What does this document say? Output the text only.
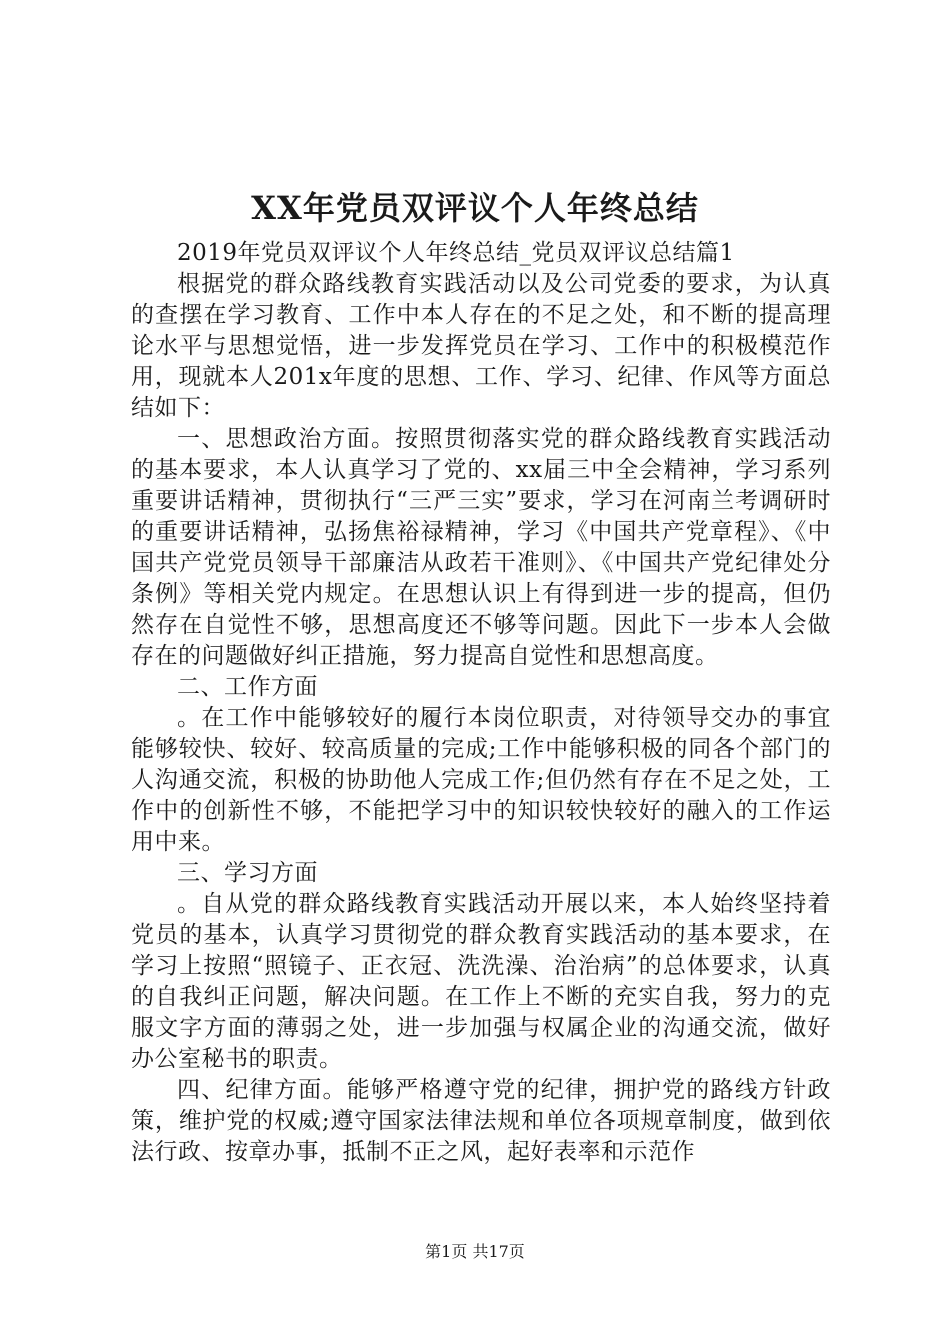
XX年党员双评议个人年终总结

2019年党员双评议个人年终总结_党员双评议总结篇1

根据党的群众路线教育实践活动以及公司党委的要求，为认真的查摆在学习教育、工作中本人存在的不足之处，和不断的提高理论水平与思想觉悟，进一步发挥党员在学习、工作中的积极模范作用，现就本人201x年度的思想、工作、学习、纪律、作风等方面总结如下：

一、思想政治方面。按照贯彻落实党的群众路线教育实践活动的基本要求，本人认真学习了党的、xx届三中全会精神，学习系列重要讲话精神，贯彻执行“三严三实”要求，学习在河南兰考调研时的重要讲话精神，弘扬焦裕禄精神，学习《中国共产党章程》、《中国共产党党员领导干部廉洁从政若干准则》、《中国共产党纪律处分条例》等相关党内规定。在思想认识上有得到进一步的提高，但仍然存在自觉性不够，思想高度还不够等问题。因此下一步本人会做存在的问题做好纠正措施，努力提高自觉性和思想高度。

二、工作方面

。在工作中能够较好的履行本岗位职责，对待领导交办的事宜能够较快、较好、较高质量的完成;工作中能够积极的同各个部门的人沟通交流，积极的协助他人完成工作;但仍然有存在不足之处，工作中的创新性不够，不能把学习中的知识较快较好的融入的工作运用中来。

三、学习方面

。自从党的群众路线教育实践活动开展以来，本人始终坚持着党员的基本，认真学习贯彻党的群众教育实践活动的基本要求，在学习上按照“照镜子、正衣冠、洗洗澡、治治病”的总体要求，认真的自我纠正问题，解决问题。在工作上不断的充实自我，努力的克服文字方面的薄弱之处，进一步加强与权属企业的沟通交流，做好办公室秘书的职责。

四、纪律方面。能够严格遵守党的纪律，拥护党的路线方针政策，维护党的权威;遵守国家法律法规和单位各项规章制度，做到依法行政、按章办事，抵制不正之风，起好表率和示范作

第1页 共17页
